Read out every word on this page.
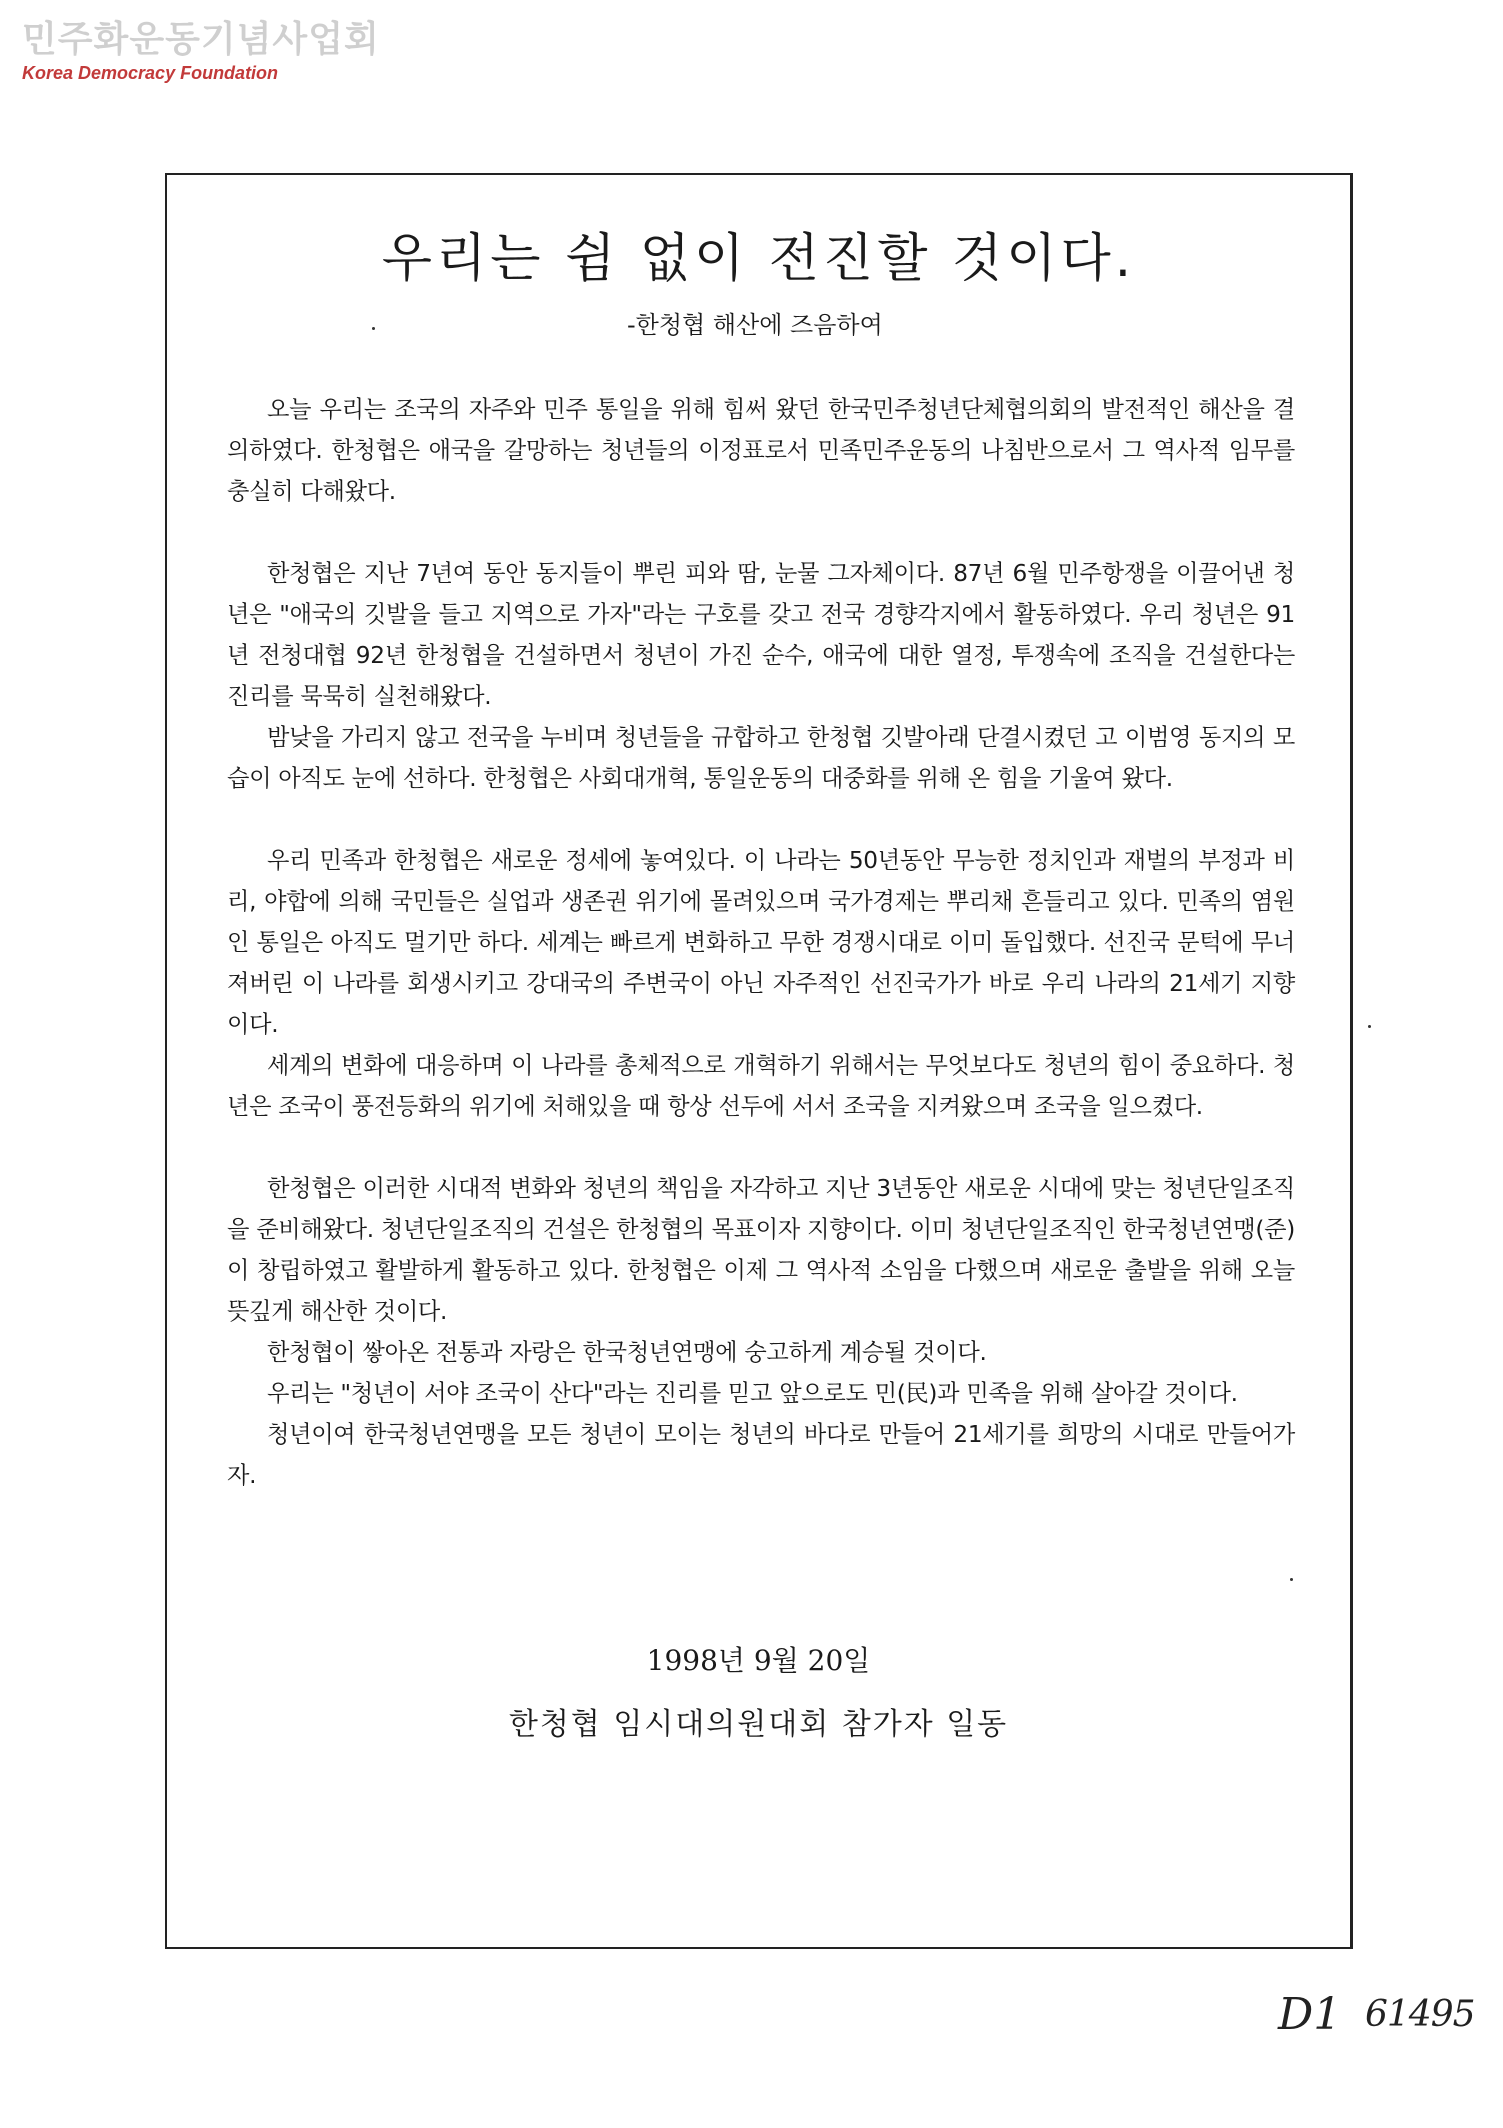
민주화운동기념사업회
Korea Democracy Foundation
우리는 쉼 없이 전진할 것이다.
-한청협 해산에 즈음하여

오늘 우리는 조국의 자주와 민주 통일을 위해 힘써 왔던 한국민주청년단체협의회의 발전적인 해산을 결의하였다. 한청협은 애국을 갈망하는 청년들의 이정표로서 민족민주운동의 나침반으로서 그 역사적 임무를 충실히 다해왔다.

한청협은 지난 7년여 동안 동지들이 뿌린 피와 땀, 눈물 그자체이다. 87년 6월 민주항쟁을 이끌어낸 청년은 "애국의 깃발을 들고 지역으로 가자"라는 구호를 갖고 전국 경향각지에서 활동하였다. 우리 청년은 91년 전청대협 92년 한청협을 건설하면서 청년이 가진 순수, 애국에 대한 열정, 투쟁속에 조직을 건설한다는 진리를 묵묵히 실천해왔다.

밤낮을 가리지 않고 전국을 누비며 청년들을 규합하고 한청협 깃발아래 단결시켰던 고 이범영 동지의 모습이 아직도 눈에 선하다. 한청협은 사회대개혁, 통일운동의 대중화를 위해 온 힘을 기울여 왔다.

우리 민족과 한청협은 새로운 정세에 놓여있다. 이 나라는 50년동안 무능한 정치인과 재벌의 부정과 비리, 야합에 의해 국민들은 실업과 생존권 위기에 몰려있으며 국가경제는 뿌리채 흔들리고 있다. 민족의 염원인 통일은 아직도 멀기만 하다. 세계는 빠르게 변화하고 무한 경쟁시대로 이미 돌입했다. 선진국 문턱에 무너져버린 이 나라를 회생시키고 강대국의 주변국이 아닌 자주적인 선진국가가 바로 우리 나라의 21세기 지향이다.

세계의 변화에 대응하며 이 나라를 총체적으로 개혁하기 위해서는 무엇보다도 청년의 힘이 중요하다. 청년은 조국이 풍전등화의 위기에 처해있을 때 항상 선두에 서서 조국을 지켜왔으며 조국을 일으켰다.

한청협은 이러한 시대적 변화와 청년의 책임을 자각하고 지난 3년동안 새로운 시대에 맞는 청년단일조직을 준비해왔다. 청년단일조직의 건설은 한청협의 목표이자 지향이다. 이미 청년단일조직인 한국청년연맹(준)이 창립하였고 활발하게 활동하고 있다. 한청협은 이제 그 역사적 소임을 다했으며 새로운 출발을 위해 오늘 뜻깊게 해산한 것이다.

한청협이 쌓아온 전통과 자랑은 한국청년연맹에 숭고하게 계승될 것이다.

우리는 "청년이 서야 조국이 산다"라는 진리를 믿고 앞으로도 민(民)과 민족을 위해 살아갈 것이다.

청년이여 한국청년연맹을 모든 청년이 모이는 청년의 바다로 만들어 21세기를 희망의 시대로 만들어가자.

1998년 9월 20일
한청협 임시대의원대회 참가자 일동
D1 61495
